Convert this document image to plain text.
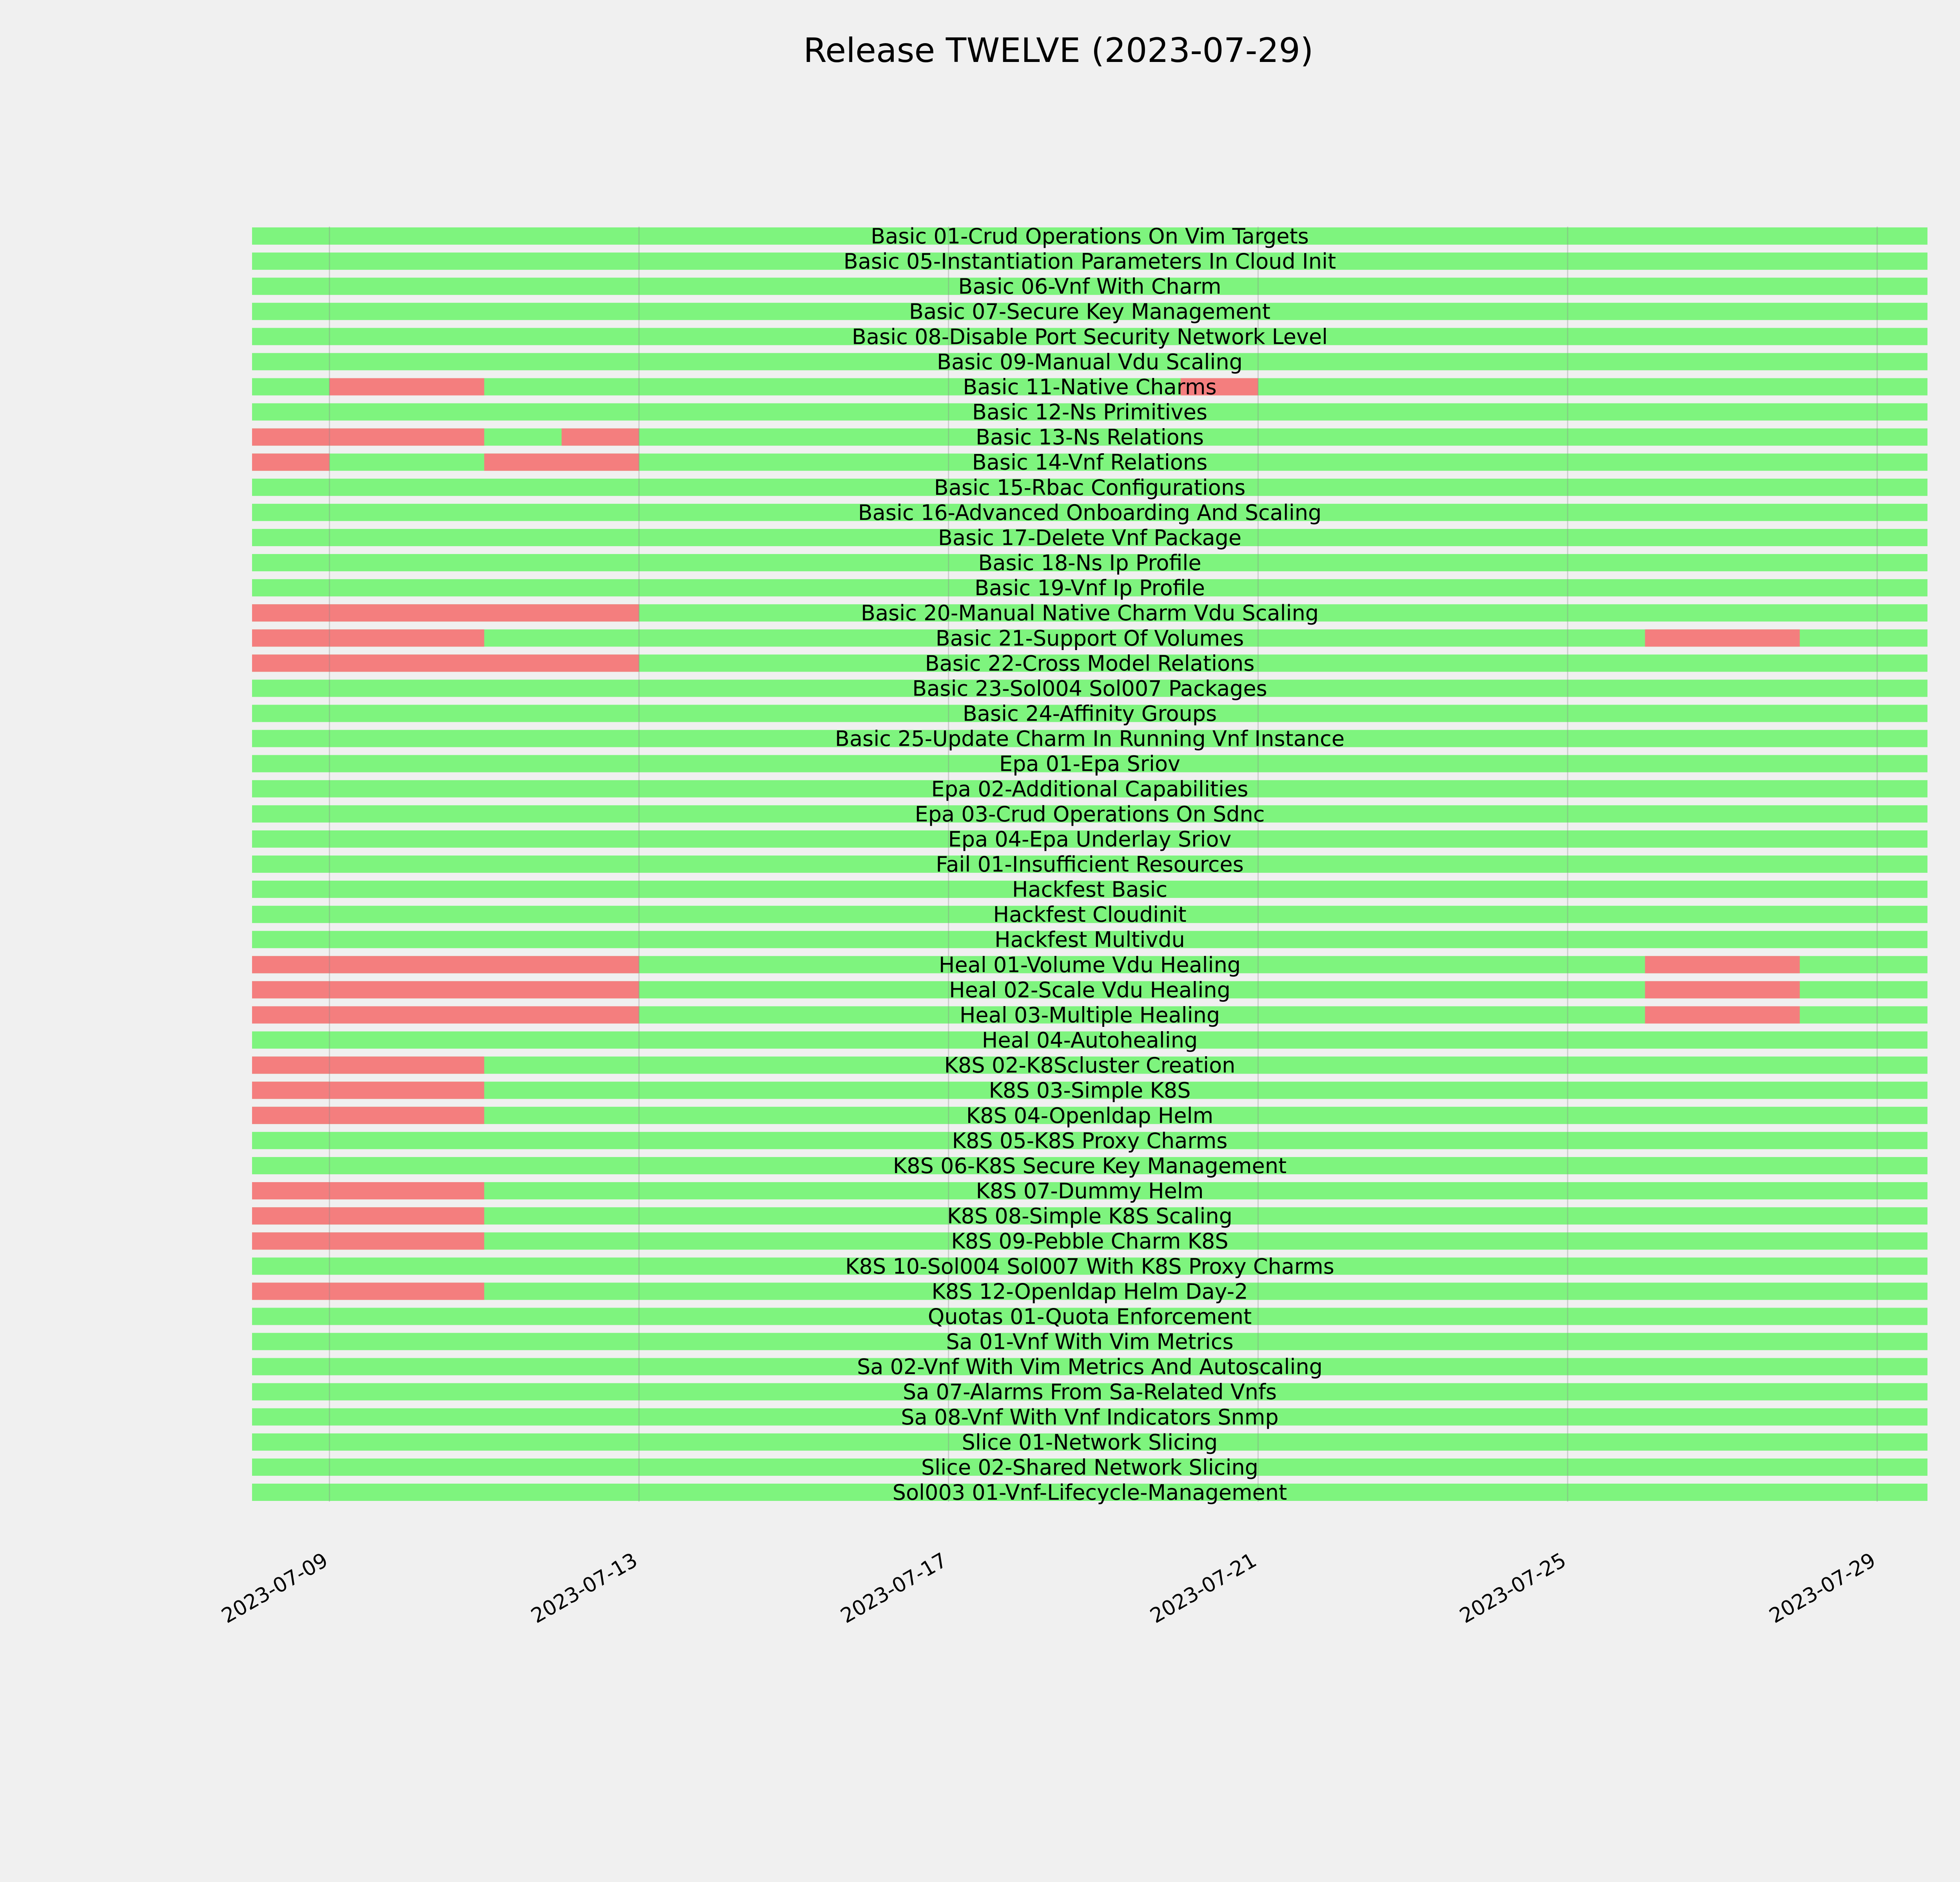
Release TWELVE (2023-07-29)
Basic 01-Crud Operations On Vim Targets
Basic 05-Instantiation Parameters In Cloud Init
Basic 06-Vnf With Charm
Basic 07-Secure Key Management
Basic 08-Disable Port Security Network Level
Basic 09-Manual Vdu Scaling
Basic 11-Native Charms
Basic 12-Ns Primitives
Basic 13-Ns Relations
Basic 14-Vnf Relations
Basic 15-Rbac Configurations
Basic 16-Advanced Onboarding And Scaling
Basic 17-Delete Vnf Package
Basic 18-Ns Ip Profile
Basic 19-Vnf Ip Profile
Basic 20-Manual Native Charm Vdu Scaling
Basic 21-Support Of Volumes
Basic 22-Cross Model Relations
Basic 23-Sol004 Sol007 Packages
Basic 24-Affinity Groups
Basic 25-Update Charm In Running Vnf Instance
Epa 01-Epa Sriov
Epa 02-Additional Capabilities
Epa 03-Crud Operations On Sdnc
Epa 04-Epa Underlay Sriov
Fail 01-Insufficient Resources
Hackfest Basic
Hackfest Cloudinit
Hackfest Multivdu
Heal 01-Volume Vdu Healing
Heal 02-Scale Vdu Healing
Heal 03-Multiple Healing
Heal 04-Autohealing
K8S 02-K8Scluster Creation
K8S 03-Simple K8S
K8S 04-Openldap Helm
K8S 05-K8S Proxy Charms
K8S 06-K8S Secure Key Management
K8S 07-Dummy Helm
K8S 08-Simple K8S Scaling
K8S 09-Pebble Charm K8S
K8S 10-Sol004 Sol007 With K8S Proxy Charms
K8S 12-Openldap Helm Day-2
Quotas 01-Quota Enforcement
Sa 01-Vnf With Vim Metrics
Sa 02-Vnf With Vim Metrics And Autoscaling
Sa 07-Alarms From Sa-Related Vnfs
Sa 08-Vnf With Vnf Indicators Snmp
Slice 01-Network Slicing
Slice 02-Shared Network Slicing
Sol003 01-Vnf-Lifecycle-Management
2023-07-09	2023-07-13	2023-07-17	2023-07-21	2023-07-25	2023-07-29
